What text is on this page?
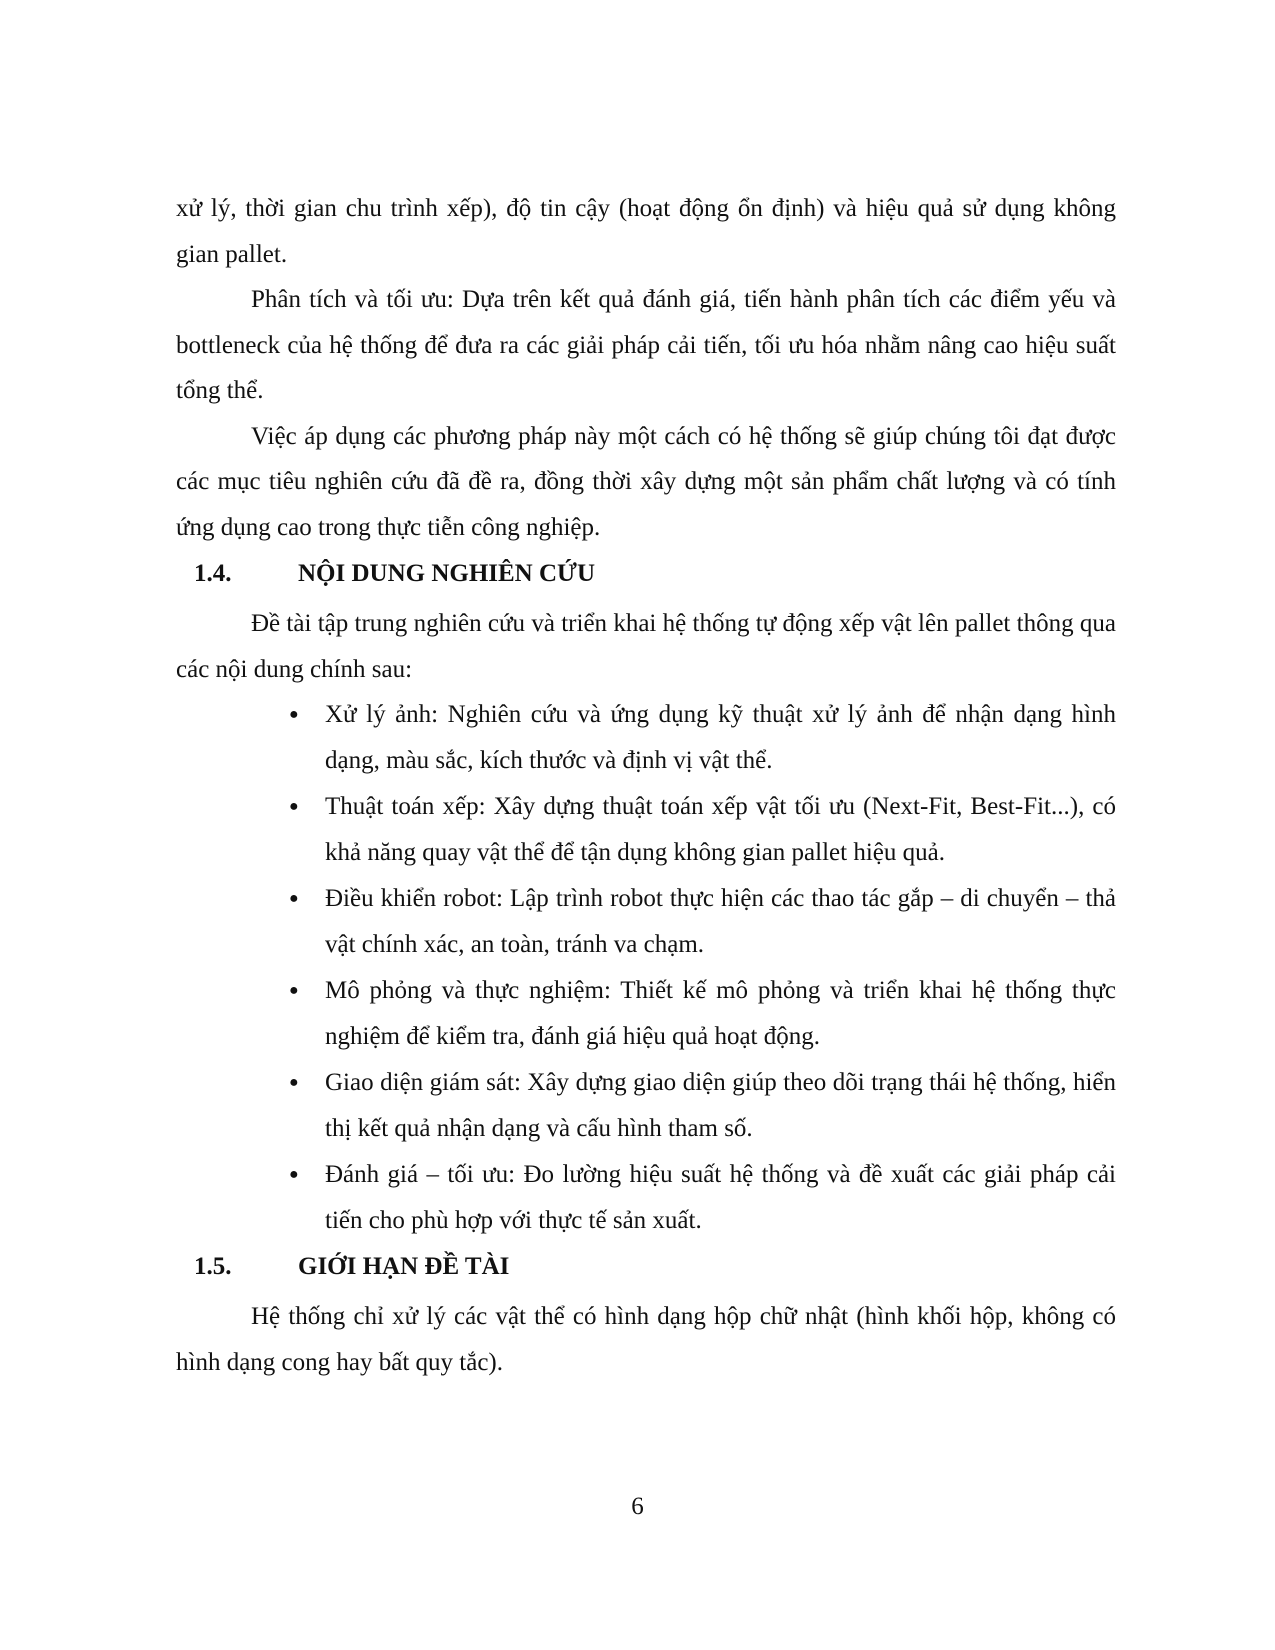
xử lý, thời gian chu trình xếp), độ tin cậy (hoạt động ổn định) và hiệu quả sử dụng không gian pallet.

Phân tích và tối ưu: Dựa trên kết quả đánh giá, tiến hành phân tích các điểm yếu và bottleneck của hệ thống để đưa ra các giải pháp cải tiến, tối ưu hóa nhằm nâng cao hiệu suất tổng thể.

Việc áp dụng các phương pháp này một cách có hệ thống sẽ giúp chúng tôi đạt được các mục tiêu nghiên cứu đã đề ra, đồng thời xây dựng một sản phẩm chất lượng và có tính ứng dụng cao trong thực tiễn công nghiệp.

1.4.	NỘI DUNG NGHIÊN CỨU

Đề tài tập trung nghiên cứu và triển khai hệ thống tự động xếp vật lên pallet thông qua các nội dung chính sau:

● Xử lý ảnh: Nghiên cứu và ứng dụng kỹ thuật xử lý ảnh để nhận dạng hình dạng, màu sắc, kích thước và định vị vật thể.
● Thuật toán xếp: Xây dựng thuật toán xếp vật tối ưu (Next-Fit, Best-Fit...), có khả năng quay vật thể để tận dụng không gian pallet hiệu quả.
● Điều khiển robot: Lập trình robot thực hiện các thao tác gắp – di chuyển – thả vật chính xác, an toàn, tránh va chạm.
● Mô phỏng và thực nghiệm: Thiết kế mô phỏng và triển khai hệ thống thực nghiệm để kiểm tra, đánh giá hiệu quả hoạt động.
● Giao diện giám sát: Xây dựng giao diện giúp theo dõi trạng thái hệ thống, hiển thị kết quả nhận dạng và cấu hình tham số.
● Đánh giá – tối ưu: Đo lường hiệu suất hệ thống và đề xuất các giải pháp cải tiến cho phù hợp với thực tế sản xuất.
1.5.	GIỚI HẠN ĐỀ TÀI

Hệ thống chỉ xử lý các vật thể có hình dạng hộp chữ nhật (hình khối hộp, không có hình dạng cong hay bất quy tắc).

6
